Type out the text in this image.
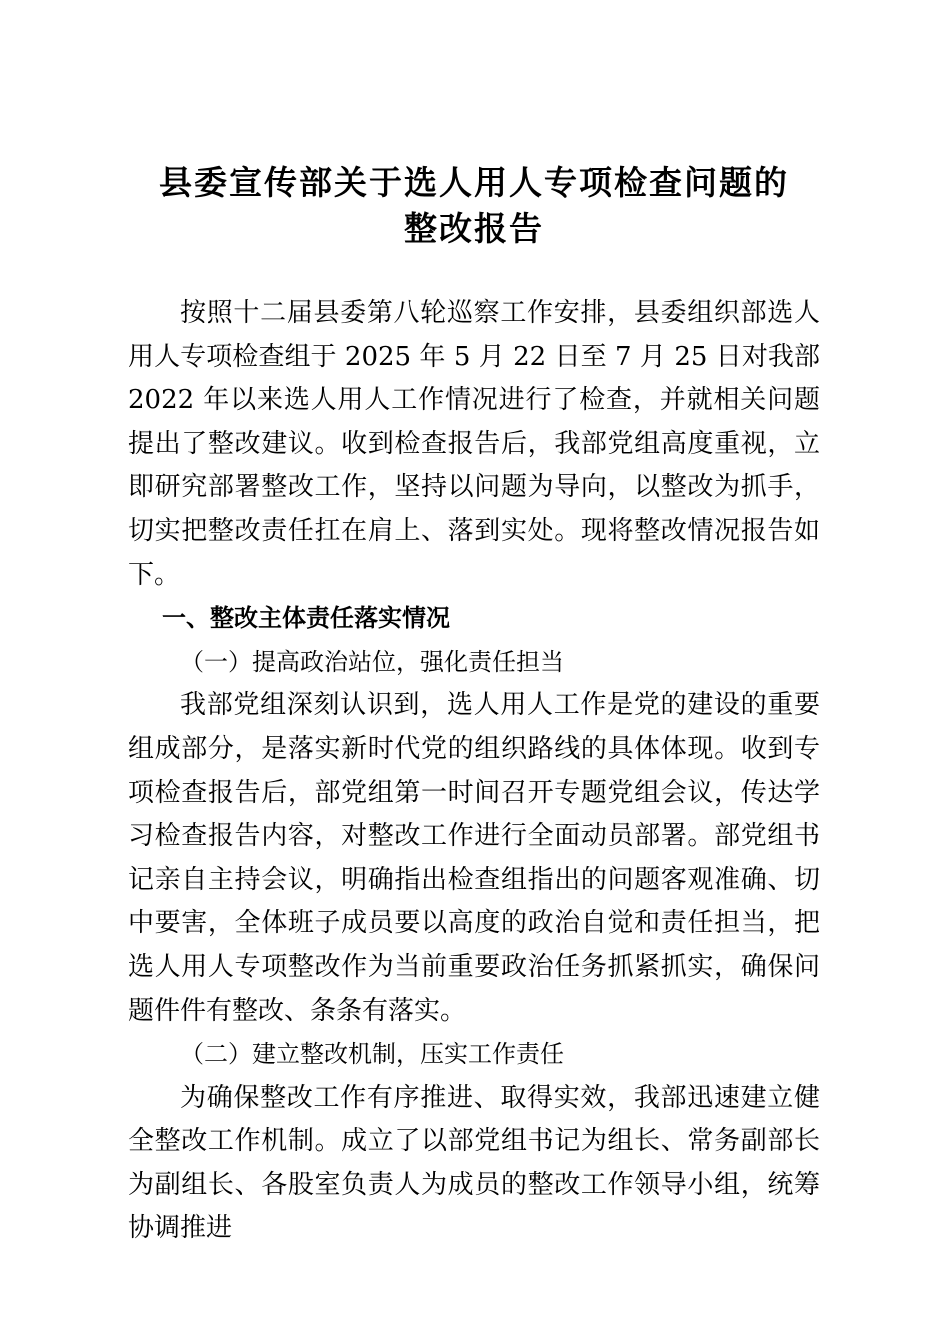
县委宣传部关于选人用人专项检查问题的
整改报告

按照十二届县委第八轮巡察工作安排，县委组织部选人用人专项检查组于 2025 年 5 月 22 日至 7 月 25 日对我部 2022 年以来选人用人工作情况进行了检查，并就相关问题提出了整改建议。收到检查报告后，我部党组高度重视，立即研究部署整改工作，坚持以问题为导向，以整改为抓手，切实把整改责任扛在肩上、落到实处。现将整改情况报告如下。

一、整改主体责任落实情况

（一）提高政治站位，强化责任担当

我部党组深刻认识到，选人用人工作是党的建设的重要组成部分，是落实新时代党的组织路线的具体体现。收到专项检查报告后，部党组第一时间召开专题党组会议，传达学习检查报告内容，对整改工作进行全面动员部署。部党组书记亲自主持会议，明确指出检查组指出的问题客观准确、切中要害，全体班子成员要以高度的政治自觉和责任担当，把选人用人专项整改作为当前重要政治任务抓紧抓实，确保问题件件有整改、条条有落实。

（二）建立整改机制，压实工作责任

为确保整改工作有序推进、取得实效，我部迅速建立健全整改工作机制。成立了以部党组书记为组长、常务副部长为副组长、各股室负责人为成员的整改工作领导小组，统筹协调推进
